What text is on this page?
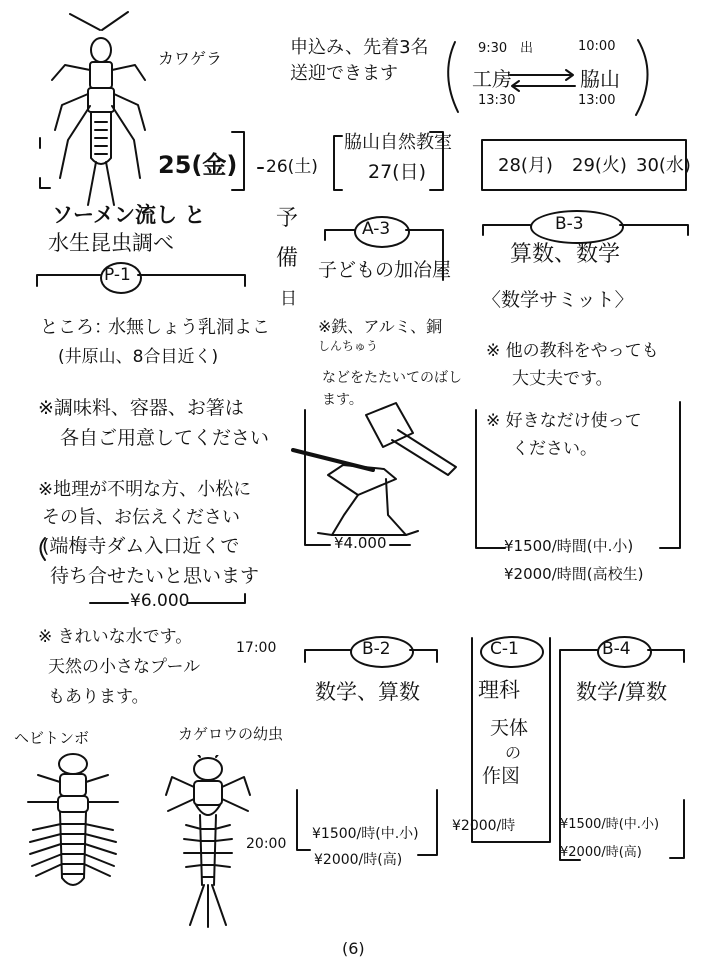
カワゲラ
申込み、先着3名
送迎できます
9:30 出	10:00
工房	脇山
13:30	13:00
25(金) 26(土)
脇山自然教室
27(日)	28(月) 29(火) 30(水)
予
備
日
ソーメン流し と
水生昆虫調べ
P-1
ところ：
水無しょう乳洞よこ
(井原山、8合目近く)
※調味料、容器、お箸は
各自ご用意してください
※地理が不明な方、小松に
その旨、お伝えください
(端梅寺ダム入口近くで
待ち合せたいと思います
¥6.000
※ きれいな水です。
17:00
天然の小さなプール
もあります。
A-3
子どもの加冶屋
※鉄、アルミ、銅
しんちゅう
などをたたいてのばし
ます。
¥4.000
B-3
算数、数学
〈数学サミット〉
※ 他の教科をやっても
大丈夫です。
※ 好きなだけ使って
ください。
¥1500/時間(中.小)
¥2000/時間(高校生)
B-2
数学、算数
20:00
¥1500/時(中.小)
¥2000/時(高)
C-1
理科
天体
の
作図
¥2000/時
B-4
数学/算数
¥1500/時(中.小)
¥2000/時(高)
ヘビトンボ	カゲロウの幼虫
(6)
